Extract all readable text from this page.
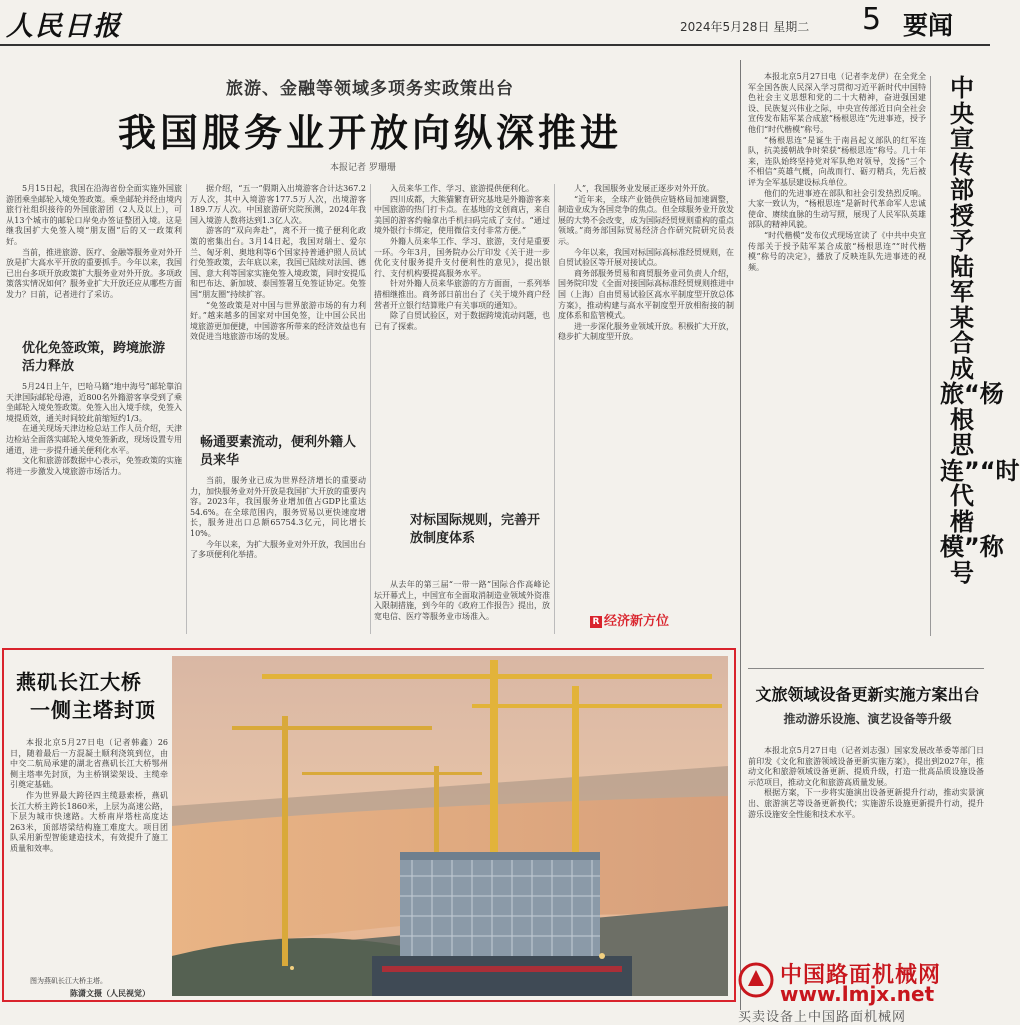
人民日报	2024年5月28日 星期二 5 要闻
旅游、金融等领域多项务实政策出台
我国服务业开放向纵深推进
本报记者 罗珊珊

5月15日起，我国在沿海省份全面实施外国旅游团乘坐邮轮入境免签政策。乘坐邮轮并经由境内旅行社组织接待的外国旅游团（2人及以上），可从13个城市的邮轮口岸免办签证整团入境。这是继我国扩大免签入境“朋友圈”后的又一政策利好。

当前，推进旅游、医疗、金融等服务业对外开放是扩大高水平开放的重要抓手。今年以来，我国已出台多项开放政策扩大服务业对外开放。多项政策落实情况如何？服务业扩大开放还应从哪些方面发力？日前，记者进行了采访。

优化免签政策，跨境旅游活力释放

5月24日上午，巴哈马籍“地中海号”邮轮靠泊天津国际邮轮母港，近800名外籍游客享受到了乘坐邮轮入境免签政策。免签入出入境手续，免签入境提质效，通关时间较此前缩短约1/3。

在通关现场天津边检总站工作人员介绍，天津边检站全面落实邮轮入境免签新政，现场设置专用通道，进一步提升通关便利化水平。

文化和旅游部数据中心表示，免签政策的实施将进一步激发入境旅游市场活力。

据介绍，“五一”假期入出境游客合计达367.2万人次，其中入境游客177.5万人次，出境游客189.7万人次。中国旅游研究院预测，2024年我国入境游人数将达到1.3亿人次。

游客的“双向奔赴”，离不开一揽子便利化政策的密集出台。3月14日起，我国对瑞士、爱尔兰、匈牙利、奥地利等6个国家持普通护照人员试行免签政策，去年底以来，我国已陆续对法国、德国、意大利等国家实施免签入境政策，同时安提瓜和巴布达、新加坡、泰国签署互免签证协定。免签国“朋友圈”持续扩容。

“免签政策是对中国与世界旅游市场的有力利好。”越来越多的国家对中国免签，让中国公民出境旅游更加便捷，中国游客所带来的经济效益也有效促进当地旅游市场的发展。

畅通要素流动，便利外籍人员来华

当前，服务业已成为世界经济增长的重要动力，加快服务业对外开放是我国扩大开放的重要内容。2023年，我国服务业增加值占GDP比重达54.6%。在全球范围内，服务贸易以更快速度增长，服务进出口总额65754.3亿元，同比增长10%。

今年以来，为扩大服务业对外开放，我国出台了多项便利化举措。

入员来华工作、学习、旅游提供便利化。

四川成都，大熊猫繁育研究基地是外籍游客来中国旅游的热门打卡点。在基地的文创商店，来自美国的游客约翰拿出手机扫码完成了支付。“通过境外银行卡绑定，使用微信支付非常方便。”

外籍人员来华工作、学习、旅游，支付是重要一环。今年3月，国务院办公厅印发《关于进一步优化支付服务提升支付便利性的意见》，提出银行、支付机构要提高服务水平。

针对外籍人员来华旅游的方方面面，一系列举措相继推出。商务部日前出台了《关于境外商户经营者开立银行结算账户有关事项的通知》。

除了自贸试验区，对于数据跨境流动问题，也已有了探索。

对标国际规则，完善开放制度体系

从去年的第三届“一带一路”国际合作高峰论坛开幕式上，中国宣布全面取消制造业领域外资准入限制措施，到今年的《政府工作报告》提出，放宽电信、医疗等服务业市场准入。

人”，我国服务业发展正逐步对外开放。

“近年来，全球产业链供应链格局加速调整，制造业成为各国竞争的焦点。但全球服务业开放发展的大势不会改变，成为国际经贸规则重构的重点领域。”商务部国际贸易经济合作研究院研究员表示。

今年以来，我国对标国际高标准经贸规则，在自贸试验区等开展对接试点。

商务部服务贸易和商贸服务业司负责人介绍，国务院印发《全面对接国际高标准经贸规则推进中国（上海）自由贸易试验区高水平制度型开放总体方案》，推动构建与高水平制度型开放相衔接的制度体系和监管模式。

进一步深化服务业领域开放。积极扩大开放，稳步扩大制度型开放。

R 经济新方位

本报北京5月27日电（记者李龙伊）在全党全军全国各族人民深入学习贯彻习近平新时代中国特色社会主义思想和党的二十大精神，奋进强国建设、民族复兴伟业之际，中央宣传部近日向全社会宣传发布陆军某合成旅“杨根思连”先进事迹，授予他们“时代楷模”称号。

“杨根思连”是诞生于南昌起义部队的红军连队，抗美援朝战争时荣获“杨根思连”称号。几十年来，连队始终坚持党对军队绝对领导，发扬“三个不相信”英雄气概，向战而行、砺刃精兵，先后被评为全军基层建设标兵单位。

他们的先进事迹在部队和社会引发热烈反响。大家一致认为，“杨根思连”是新时代革命军人忠诚使命、赓续血脉的生动写照，展现了人民军队英雄部队的精神风貌。

“时代楷模”发布仪式现场宣读了《中共中央宣传部关于授予陆军某合成旅“杨根思连”“时代楷模”称号的决定》，播放了反映连队先进事迹的视频。

中央宣传部授予陆军某合成旅“杨根思连”“时代楷模”称号
文旅领域设备更新实施方案出台
推动游乐设施、演艺设备等升级

本报北京5月27日电（记者刘志强）国家发展改革委等部门日前印发《文化和旅游领域设备更新实施方案》，提出到2027年，推动文化和旅游领域设备更新、提质升级，打造一批高品质设施设备示范项目，推动文化和旅游高质量发展。

根据方案，下一步将实施演出设备更新提升行动，推动实景演出、旅游演艺等设备更新换代；实施游乐设施更新提升行动，提升游乐设施安全性能和技术水平。

燕矶长江大桥
一侧主塔封顶

本报北京5月27日电（记者韩鑫）26日，随着最后一方混凝土顺利浇筑到位，由中交二航局承建的湖北省燕矶长江大桥鄂州侧主塔率先封顶，为主桥钢梁架设、主缆牵引奠定基础。

作为世界最大跨径四主缆悬索桥，燕矶长江大桥主跨长1860米，上层为高速公路，下层为城市快速路。大桥南岸塔柱高度达263米，顶部塔梁结构施工难度大。项目团队采用新型智能建造技术，有效提升了施工质量和效率。

图为燕矶长江大桥主塔。
陈潇文摄（人民视觉）
中国路面机械网
www.lmjx.net
买卖设备上中国路面机械网
